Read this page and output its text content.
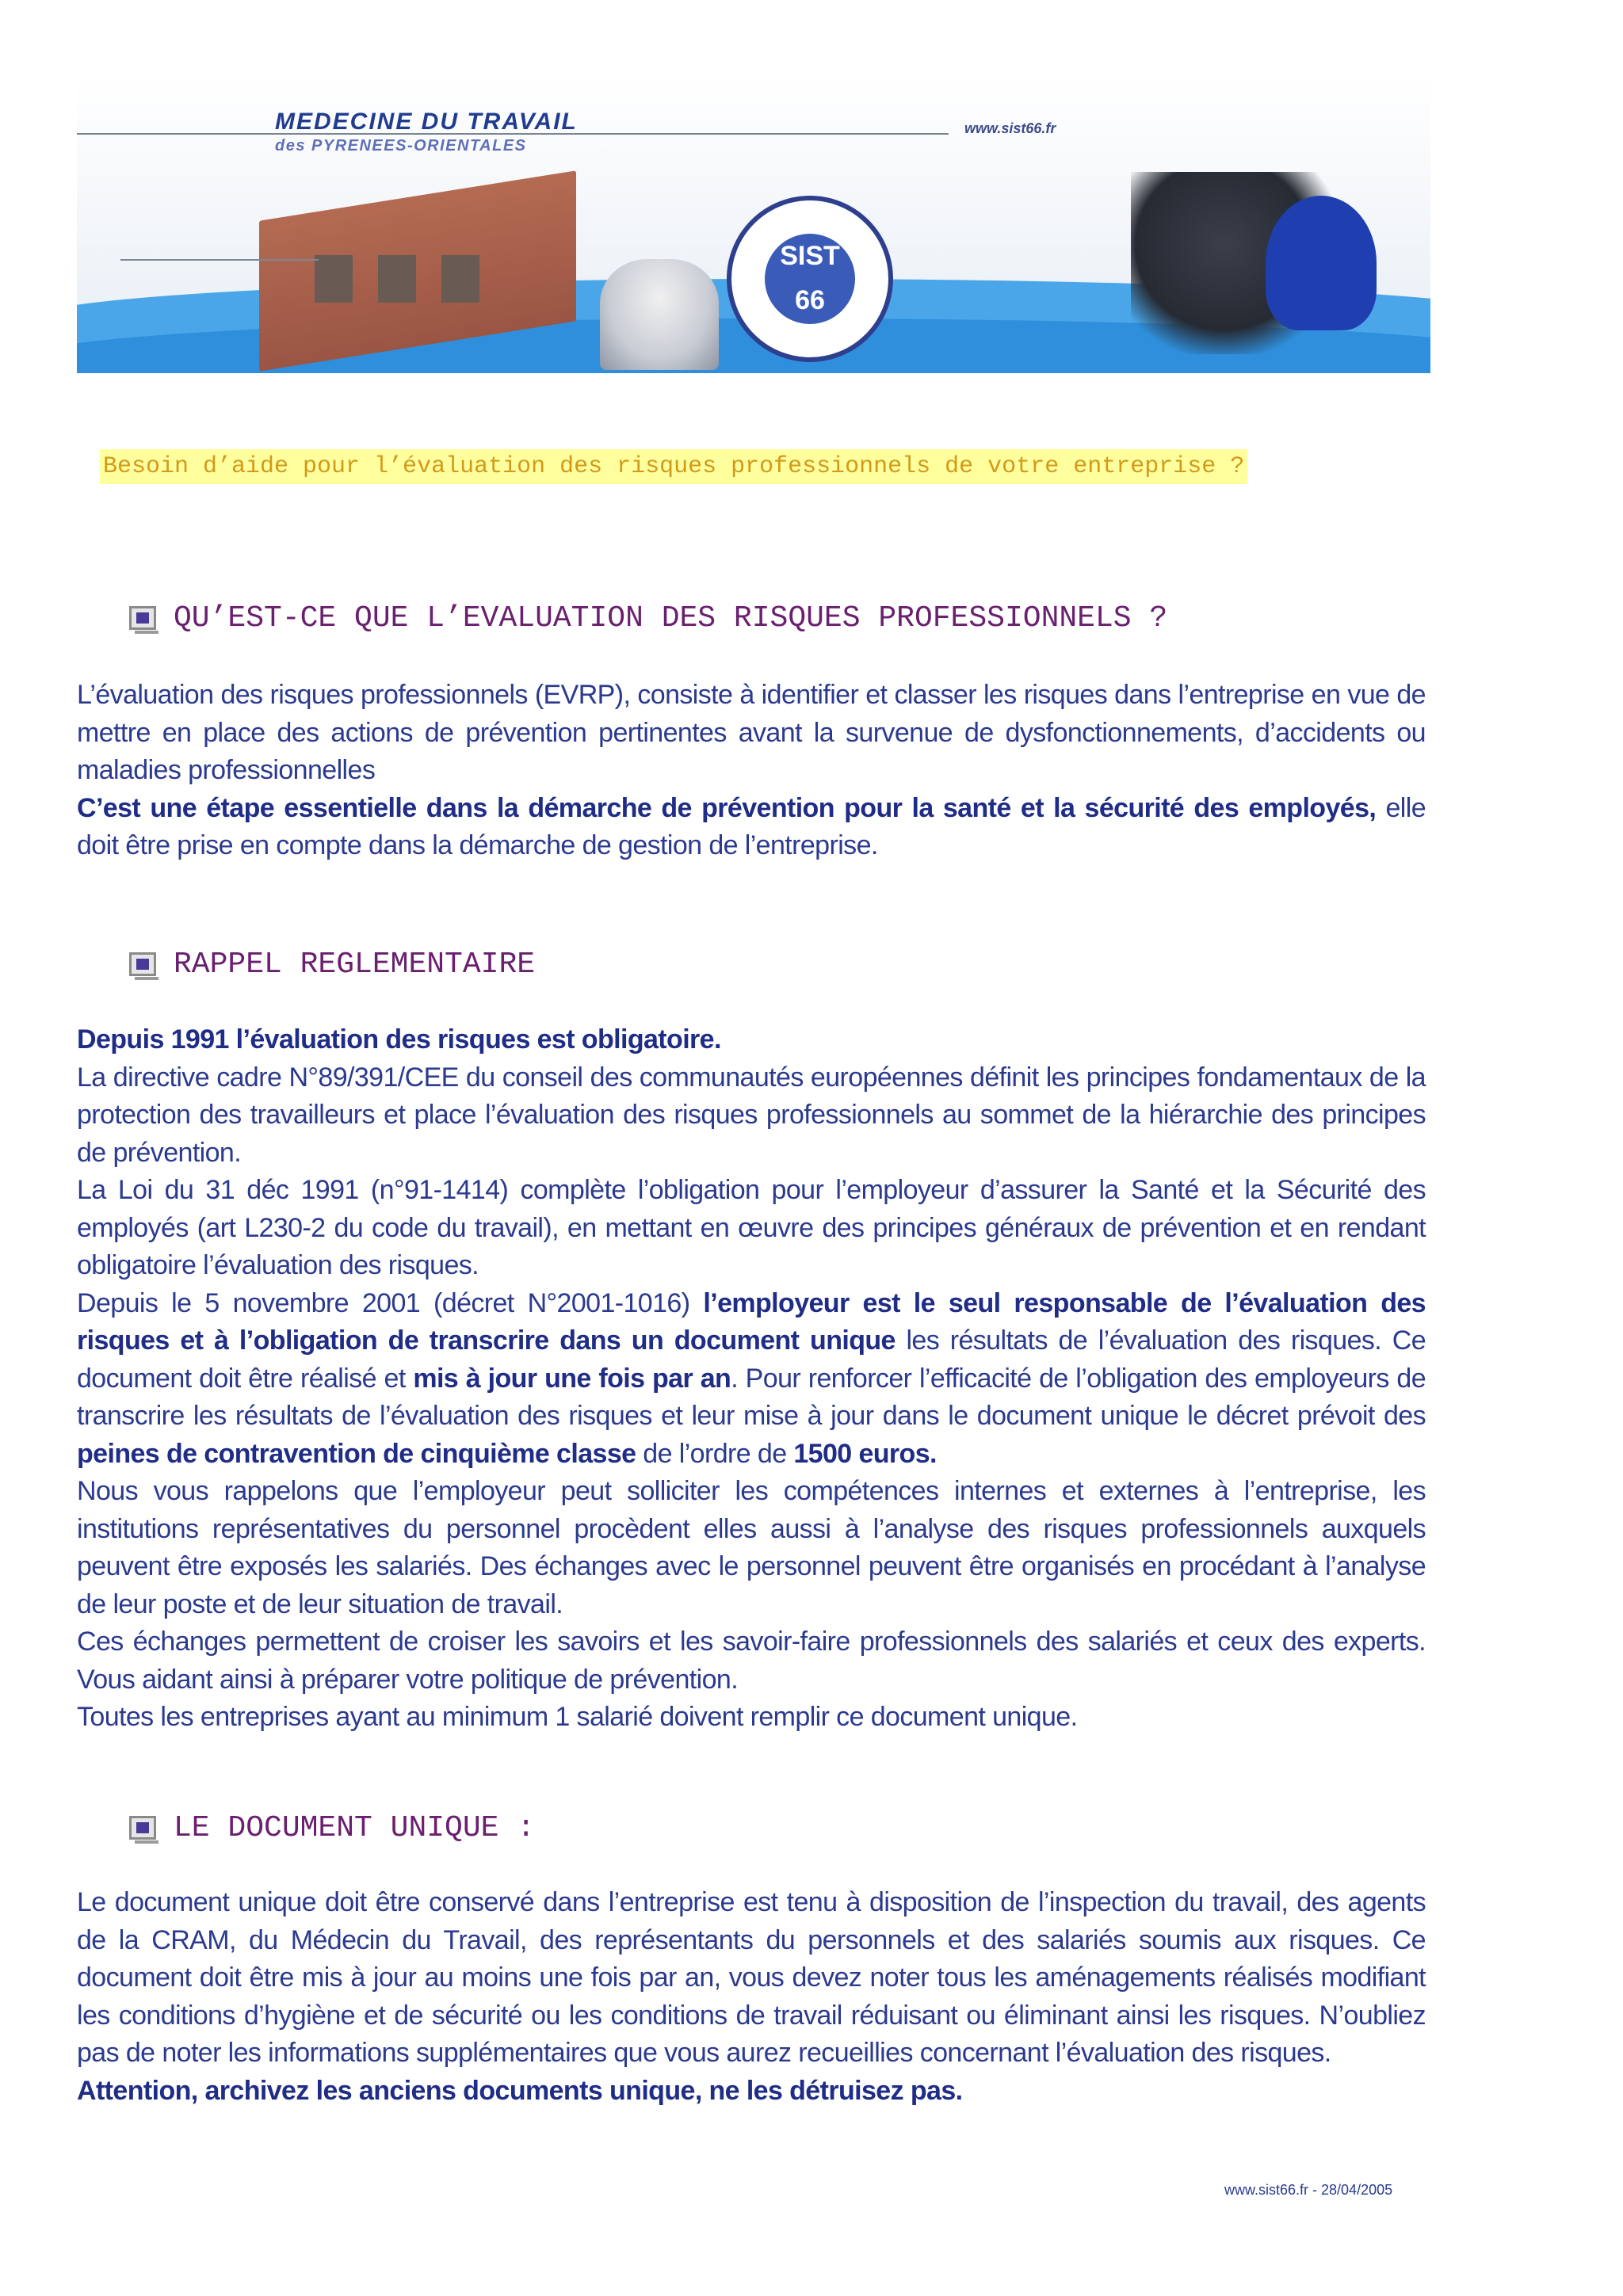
MEDECINE DU TRAVAIL
des PYRENEES-ORIENTALES
www.sist66.fr
SIST 66
Besoin d’aide pour l’évaluation des risques professionnels de votre entreprise ?
QU’EST-CE QUE L’EVALUATION DES RISQUES PROFESSIONNELS ?

L’évaluation des risques professionnels (EVRP), consiste à identifier et classer les risques dans l’entreprise en vue de mettre en place des actions de prévention pertinentes avant la survenue de dysfonctionnements, d’accidents ou maladies professionnelles

C’est une étape essentielle dans la démarche de prévention pour la santé et la sécurité des employés, elle doit être prise en compte dans la démarche de gestion de l’entreprise.

RAPPEL REGLEMENTAIRE

Depuis 1991 l’évaluation des risques est obligatoire.

La directive cadre N°89/391/CEE du conseil des communautés européennes définit les principes fondamentaux de la protection des travailleurs et place l’évaluation des risques professionnels au sommet de la hiérarchie des principes de prévention.

La Loi du 31 déc 1991 (n°91-1414) complète l’obligation pour l’employeur d’assurer la Santé et la Sécurité des employés (art L230-2 du code du travail), en mettant en œuvre des principes généraux de prévention et en rendant obligatoire l’évaluation des risques.

Depuis le 5 novembre 2001 (décret N°2001-1016) l’employeur est le seul responsable de l’évaluation des risques et à l’obligation de transcrire dans un document unique les résultats de l’évaluation des risques. Ce document doit être réalisé et mis à jour une fois par an. Pour renforcer l’efficacité de l’obligation des employeurs de transcrire les résultats de l’évaluation des risques et leur mise à jour dans le document unique le décret prévoit des peines de contravention de cinquième classe de l’ordre de 1500 euros.

Nous vous rappelons que l’employeur peut solliciter les compétences internes et externes à l’entreprise, les institutions représentatives du personnel procèdent elles aussi à l’analyse des risques professionnels auxquels peuvent être exposés les salariés. Des échanges avec le personnel peuvent être organisés en procédant à l’analyse de leur poste et de leur situation de travail.

Ces échanges permettent de croiser les savoirs et les savoir-faire professionnels des salariés et ceux des experts. Vous aidant ainsi à préparer votre politique de prévention.

Toutes les entreprises ayant au minimum 1 salarié doivent remplir ce document unique.

LE DOCUMENT UNIQUE :

Le document unique doit être conservé dans l’entreprise est tenu à disposition de l’inspection du travail, des agents de la CRAM, du Médecin du Travail, des représentants du personnels et des salariés soumis aux risques. Ce document doit être mis à jour au moins une fois par an, vous devez noter tous les aménagements réalisés modifiant les conditions d’hygiène et de sécurité ou les conditions de travail réduisant ou éliminant ainsi les risques. N’oubliez pas de noter les informations supplémentaires que vous aurez recueillies concernant l’évaluation des risques.

Attention, archivez les anciens documents unique, ne les détruisez pas.

www.sist66.fr - 28/04/2005
